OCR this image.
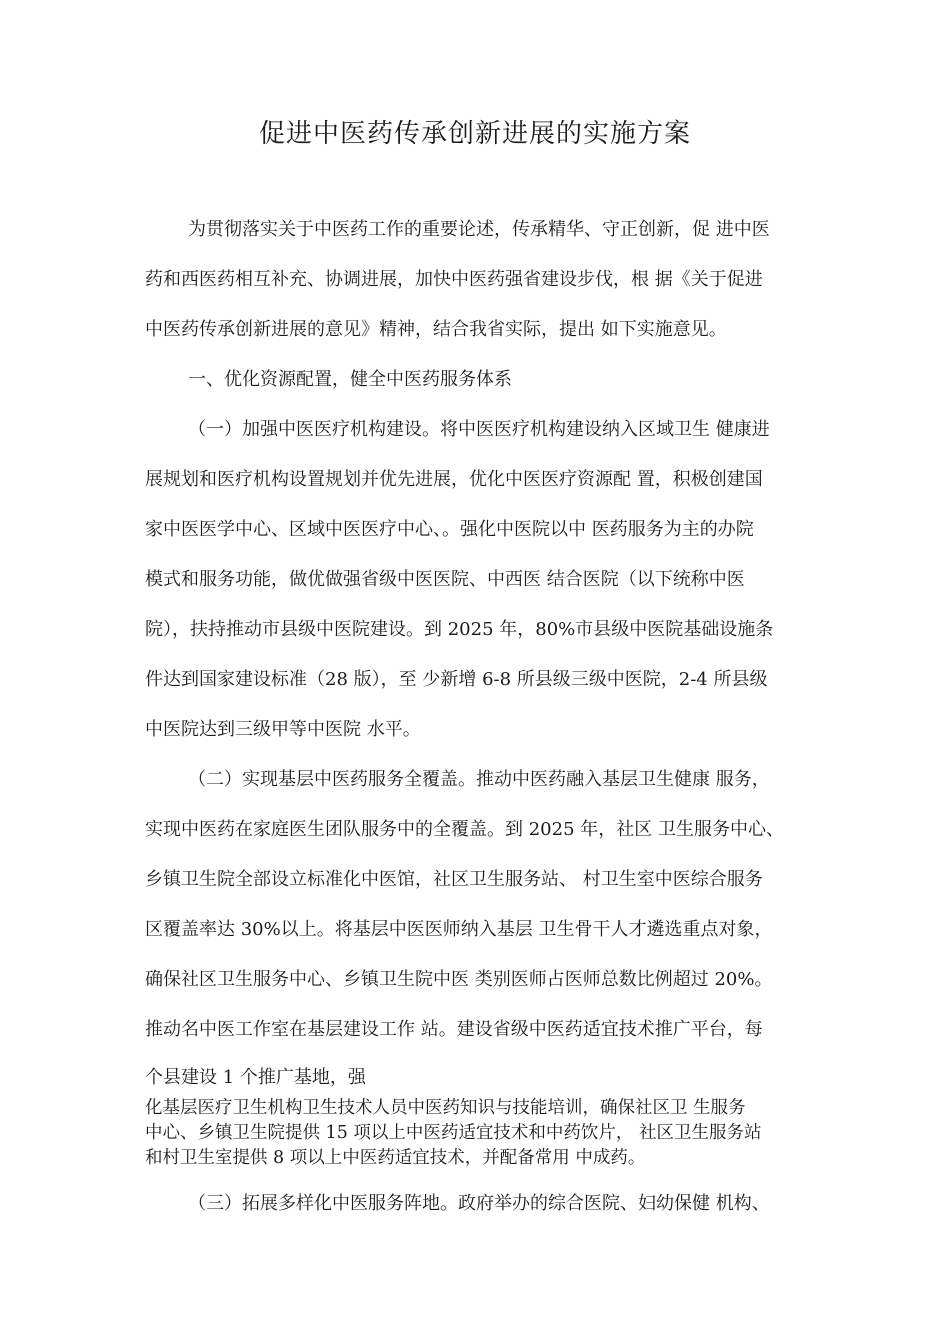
促进中医药传承创新进展的实施方案
为贯彻落实关于中医药工作的重要论述，传承精华、守正创新，促 进中医
药和西医药相互补充、协调进展，加快中医药强省建设步伐，根 据《关于促进
中医药传承创新进展的意见》精神，结合我省实际，提出 如下实施意见。
一、优化资源配置，健全中医药服务体系
（一）加强中医医疗机构建设。将中医医疗机构建设纳入区域卫生 健康进
展规划和医疗机构设置规划并优先进展，优化中医医疗资源配 置，积极创建国
家中医医学中心、区域中医医疗中心、。强化中医院以中 医药服务为主的办院
模式和服务功能，做优做强省级中医医院、中西医 结合医院（以下统称中医
院），扶持推动市县级中医院建设。到 2025 年，80%市县级中医院基础设施条
件达到国家建设标准（28 版），至 少新增 6-8 所县级三级中医院，2-4 所县级
中医院达到三级甲等中医院 水平。
（二）实现基层中医药服务全覆盖。推动中医药融入基层卫生健康 服务，
实现中医药在家庭医生团队服务中的全覆盖。到 2025 年，社区 卫生服务中心、
乡镇卫生院全部设立标准化中医馆，社区卫生服务站、 村卫生室中医综合服务
区覆盖率达 30%以上。将基层中医医师纳入基层 卫生骨干人才遴选重点对象，
确保社区卫生服务中心、乡镇卫生院中医 类别医师占医师总数比例超过 20%。
推动名中医工作室在基层建设工作 站。建设省级中医药适宜技术推广平台，每
个县建设 1 个推广基地，强
化基层医疗卫生机构卫生技术人员中医药知识与技能培训，确保社区卫 生服务
中心、乡镇卫生院提供 15 项以上中医药适宜技术和中药饮片， 社区卫生服务站
和村卫生室提供 8 项以上中医药适宜技术，并配备常用 中成药。
（三）拓展多样化中医服务阵地。政府举办的综合医院、妇幼保健 机构、
